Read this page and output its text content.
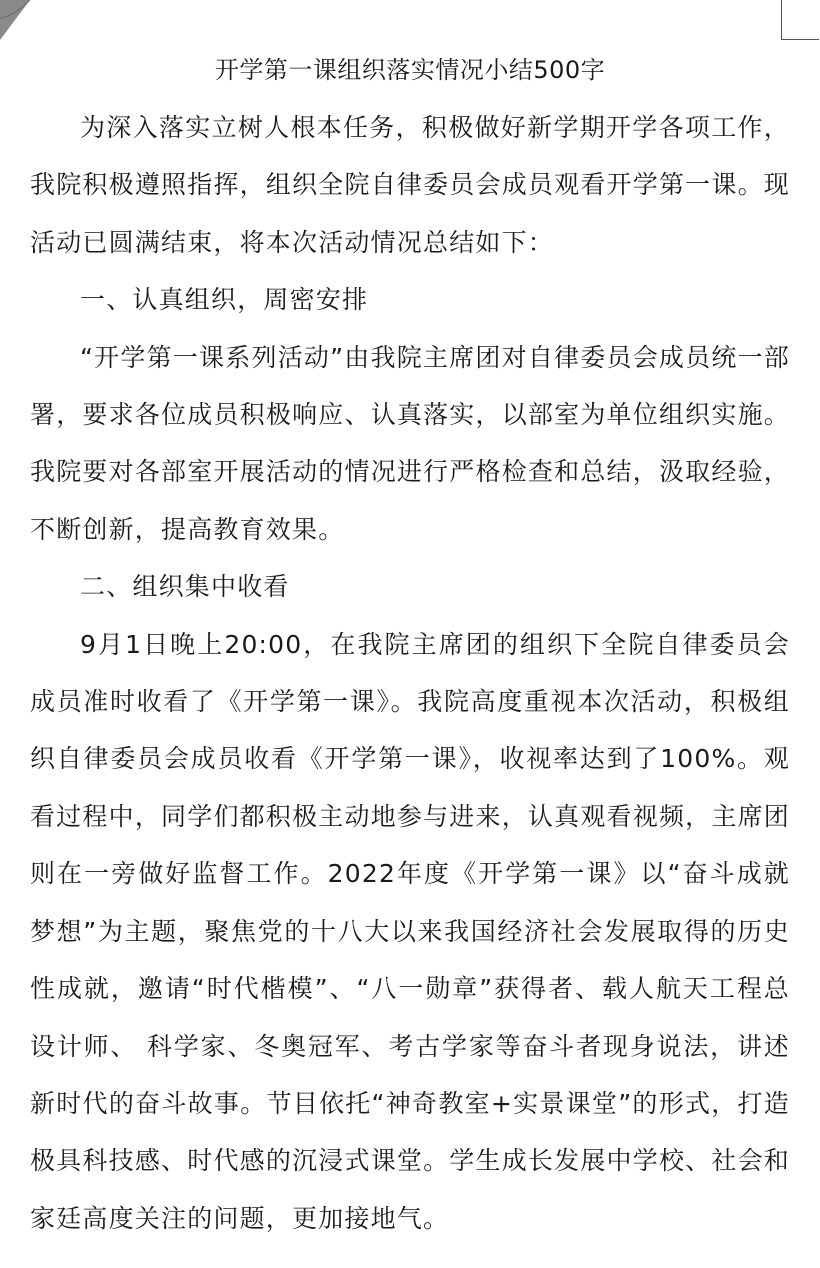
开学第一课组织落实情况小结500字

为深入落实立树人根本任务，积极做好新学期开学各项工作，我院积极遵照指挥，组织全院自律委员会成员观看开学第一课。现活动已圆满结束，将本次活动情况总结如下：

一、认真组织，周密安排

“开学第一课系列活动”由我院主席团对自律委员会成员统一部署，要求各位成员积极响应、认真落实，以部室为单位组织实施。我院要对各部室开展活动的情况进行严格检查和总结，汲取经验，不断创新，提高教育效果。

二、组织集中收看

9月1日晚上20:00，在我院主席团的组织下全院自律委员会成员准时收看了《开学第一课》。我院高度重视本次活动，积极组织自律委员会成员收看《开学第一课》，收视率达到了100%。观看过程中，同学们都积极主动地参与进来，认真观看视频，主席团则在一旁做好监督工作。2022年度《开学第一课》以“奋斗成就梦想”为主题，聚焦党的十八大以来我国经济社会发展取得的历史性成就，邀请“时代楷模”、“八一勋章”获得者、载人航天工程总设计师、 科学家、冬奥冠军、考古学家等奋斗者现身说法，讲述新时代的奋斗故事。节目依托“神奇教室+实景课堂”的形式，打造极具科技感、时代感的沉浸式课堂。学生成长发展中学校、社会和家廷高度关注的问题，更加接地气。
